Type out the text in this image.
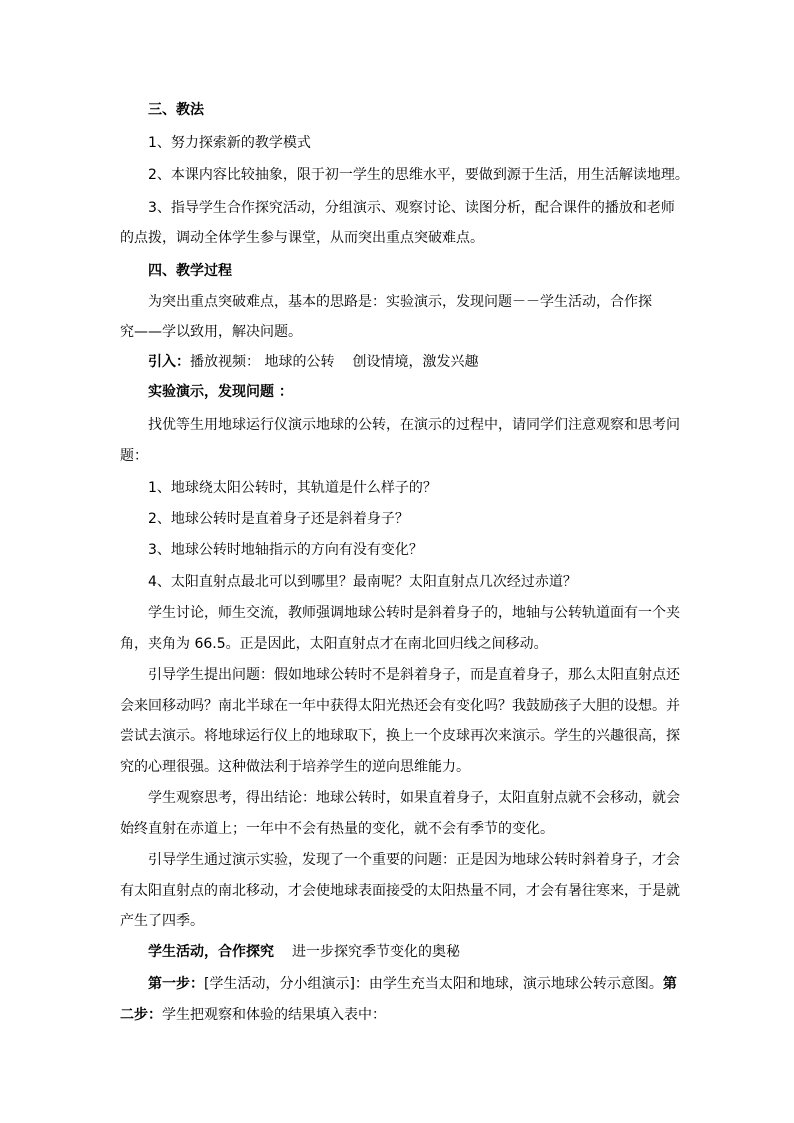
三、教法
1、努力探索新的教学模式
2、本课内容比较抽象，限于初一学生的思维水平，要做到源于生活，用生活解读地理。
3、指导学生合作探究活动，分组演示、观察讨论、读图分析，配合课件的播放和老师
的点拨，调动全体学生参与课堂，从而突出重点突破难点。
四、教学过程
为突出重点突破难点，基本的思路是：实验演示，发现问题－－学生活动，合作探
究——学以致用，解决问题。
引入：播放视频： 地球的公转 创设情境，激发兴趣
实验演示，发现问题 ：
找优等生用地球运行仪演示地球的公转，在演示的过程中，请同学们注意观察和思考问
题：
1、地球绕太阳公转时，其轨道是什么样子的？
2、地球公转时是直着身子还是斜着身子？
3、地球公转时地轴指示的方向有没有变化？
4、太阳直射点最北可以到哪里？最南呢？太阳直射点几次经过赤道？
学生讨论，师生交流，教师强调地球公转时是斜着身子的，地轴与公转轨道面有一个夹
角，夹角为 66.5。正是因此，太阳直射点才在南北回归线之间移动。
引导学生提出问题：假如地球公转时不是斜着身子，而是直着身子，那么太阳直射点还
会来回移动吗？南北半球在一年中获得太阳光热还会有变化吗？我鼓励孩子大胆的设想。并
尝试去演示。将地球运行仪上的地球取下，换上一个皮球再次来演示。学生的兴趣很高，探
究的心理很强。这种做法利于培养学生的逆向思维能力。
学生观察思考，得出结论：地球公转时，如果直着身子，太阳直射点就不会移动，就会
始终直射在赤道上；一年中不会有热量的变化，就不会有季节的变化。
引导学生通过演示实验，发现了一个重要的问题：正是因为地球公转时斜着身子，才会
有太阳直射点的南北移动，才会使地球表面接受的太阳热量不同，才会有暑往寒来，于是就
产生了四季。
学生活动，合作探究 进一步探究季节变化的奥秘
第一步：[学生活动，分小组演示]：由学生充当太阳和地球，演示地球公转示意图。第
二步：学生把观察和体验的结果填入表中：
